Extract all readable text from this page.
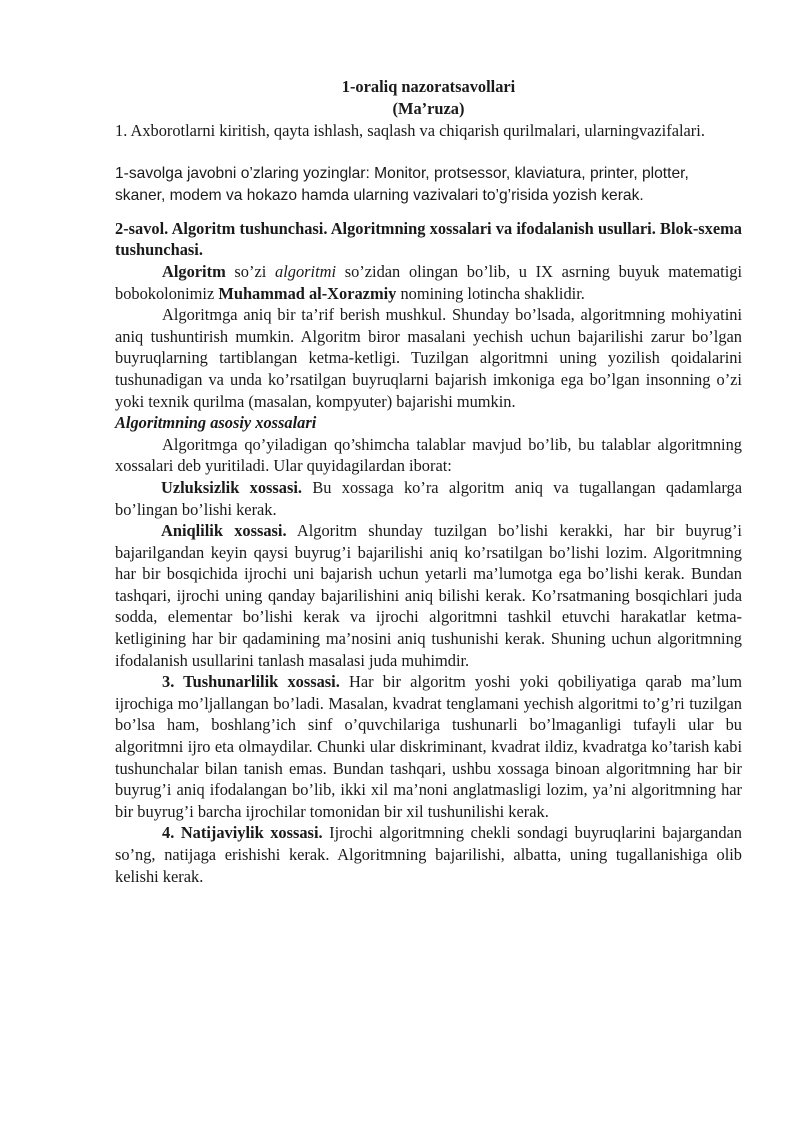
1-oraliq nazoratsavollari
(Ma’ruza)
1. Axborotlarni kiritish, qayta ishlash, saqlash va chiqarish qurilmalari, ularningvazifalari.
1-savolga javobni o’zlaring yozinglar: Monitor, protsessor, klaviatura, printer, plotter, skaner, modem va hokazo hamda ularning vazivalari to’g’risida yozish kerak.
2-savol. Algoritm tushunchasi. Algoritmning xossalari va ifodalanish usullari. Blok-sxema tushunchasi.
Algoritm so’zi algoritmi so’zidan olingan bo’lib, u IX asrning buyuk matematigi bobokolonimiz Muhammad al-Xorazmiy nomining lotincha shaklidir.
Algoritmga aniq bir ta’rif berish mushkul. Shunday bo’lsada, algoritmning mohiyatini aniq tushuntirish mumkin. Algoritm biror masalani yechish uchun bajarilishi zarur bo’lgan buyruqlarning tartiblangan ketma-ketligi. Tuzilgan algoritmni uning yozilish qoidalarini tushunadigan va unda ko’rsatilgan buyruqlarni bajarish imkoniga ega bo’lgan insonning o’zi yoki texnik qurilma (masalan, kompyuter) bajarishi mumkin.
Algoritmning asosiy xossalari
Algoritmga qo’yiladigan qo’shimcha talablar mavjud bo’lib, bu talablar algoritmning xossalari deb yuritiladi. Ular quyidagilardan iborat:
Uzluksizlik xossasi. Bu xossaga ko’ra algoritm aniq va tugallangan qadamlarga bo’lingan bo’lishi kerak.
Aniqlilik xossasi. Algoritm shunday tuzilgan bo’lishi kerakki, har bir buyrug’i bajarilgandan keyin qaysi buyrug’i bajarilishi aniq ko’rsatilgan bo’lishi lozim. Algoritmning har bir bosqichida ijrochi uni bajarish uchun yetarli ma’lumotga ega bo’lishi kerak. Bundan tashqari, ijrochi uning qanday bajarilishini aniq bilishi kerak. Ko’rsatmaning bosqichlari juda sodda, elementar bo’lishi kerak va ijrochi algoritmni tashkil etuvchi harakatlar ketma-ketligining har bir qadamining ma’nosini aniq tushunishi kerak. Shuning uchun algoritmning ifodalanish usullarini tanlash masalasi juda muhimdir.
3. Tushunarlilik xossasi. Har bir algoritm yoshi yoki qobiliyatiga qarab ma’lum ijrochiga mo’ljallangan bo’ladi. Masalan, kvadrat tenglamani yechish algoritmi to’g’ri tuzilgan bo’lsa ham, boshlang’ich sinf o’quvchilariga tushunarli bo’lmaganligi tufayli ular bu algoritmni ijro eta olmaydilar. Chunki ular diskriminant, kvadrat ildiz, kvadratga ko’tarish kabi tushunchalar bilan tanish emas. Bundan tashqari, ushbu xossaga binoan algoritmning har bir buyrug’i aniq ifodalangan bo’lib, ikki xil ma’noni anglatmasligi lozim, ya’ni algoritmning har bir buyrug’i barcha ijrochilar tomonidan bir xil tushunilishi kerak.
4. Natijaviylik xossasi. Ijrochi algoritmning chekli sondagi buyruqlarini bajargandan so’ng, natijaga erishishi kerak. Algoritmning bajarilishi, albatta, uning tugallanishiga olib kelishi kerak.
